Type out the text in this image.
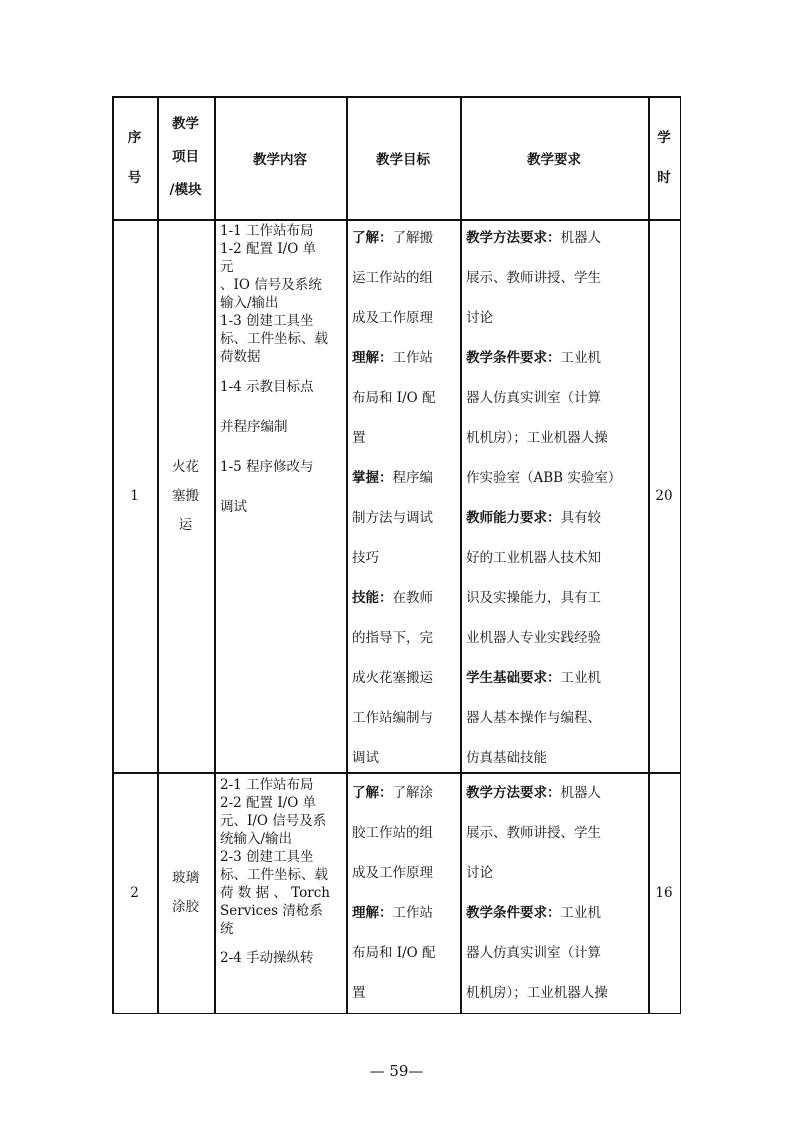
序
号
教学
项目
/模块
教学内容	教学目标	教学要求
学
时
1
火花
塞搬
运
1-1 工作站布局
1-2 配置 I/O 单
元
、IO 信号及系统
输入/输出
1-3 创建工具坐
标、工件坐标、载
荷数据
1-4 示教目标点
并程序编制
1-5 程序修改与
调试
了解：了解搬
运工作站的组
成及工作原理
理解：工作站
布局和 I/O 配
置
掌握：程序编
制方法与调试
技巧
技能：在教师
的指导下，完
成火花塞搬运
工作站编制与
调试
教学方法要求：机器人
展示、教师讲授、学生
讨论
教学条件要求：工业机
器人仿真实训室（计算
机机房）；工业机器人操
作实验室（ABB 实验室）
教师能力要求：具有较
好的工业机器人技术知
识及实操能力，具有工
业机器人专业实践经验
学生基础要求：工业机
器人基本操作与编程、
仿真基础技能
20
2
玻璃
涂胶
2-1 工作站布局
2-2 配置 I/O 单
元、I/O 信号及系
统输入/输出
2-3 创建工具坐
标、工件坐标、载
荷 数 据 、 Torch
Services 清枪系
统
2-4 手动操纵转
了解：了解涂
胶工作站的组
成及工作原理
理解：工作站
布局和 I/O 配
置
教学方法要求：机器人
展示、教师讲授、学生
讨论
教学条件要求：工业机
器人仿真实训室（计算
机机房）；工业机器人操
16
— 59—
